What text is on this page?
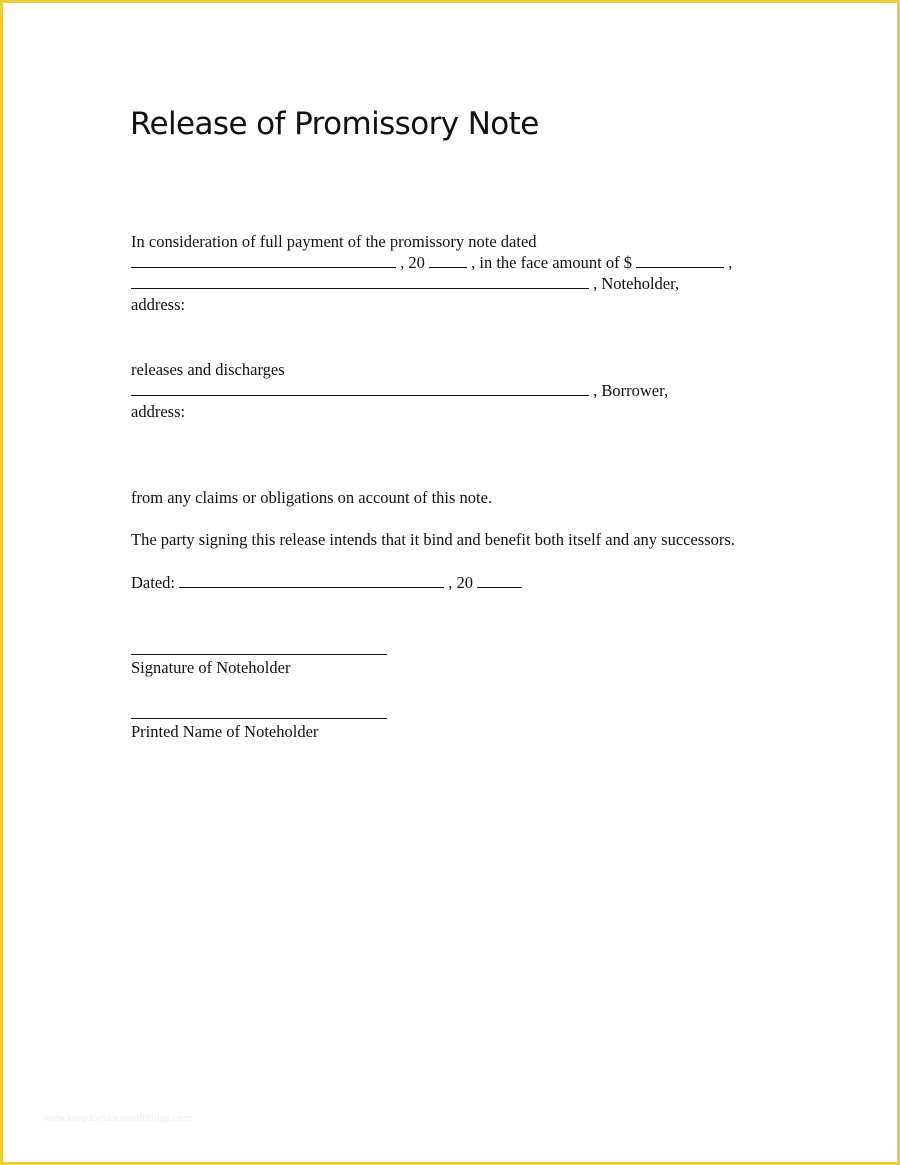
Release of Promissory Note
In consideration of full payment of the promissory note dated
, 20  , in the face amount of $	,
, Noteholder,
address:
releases and discharges
, Borrower,
address:
from any claims or obligations on account of this note.
The party signing this release intends that it bind and benefit both itself and any successors.
Dated:	, 20
Signature of Noteholder
Printed Name of Noteholder
www.kingdomawareofthings.com
